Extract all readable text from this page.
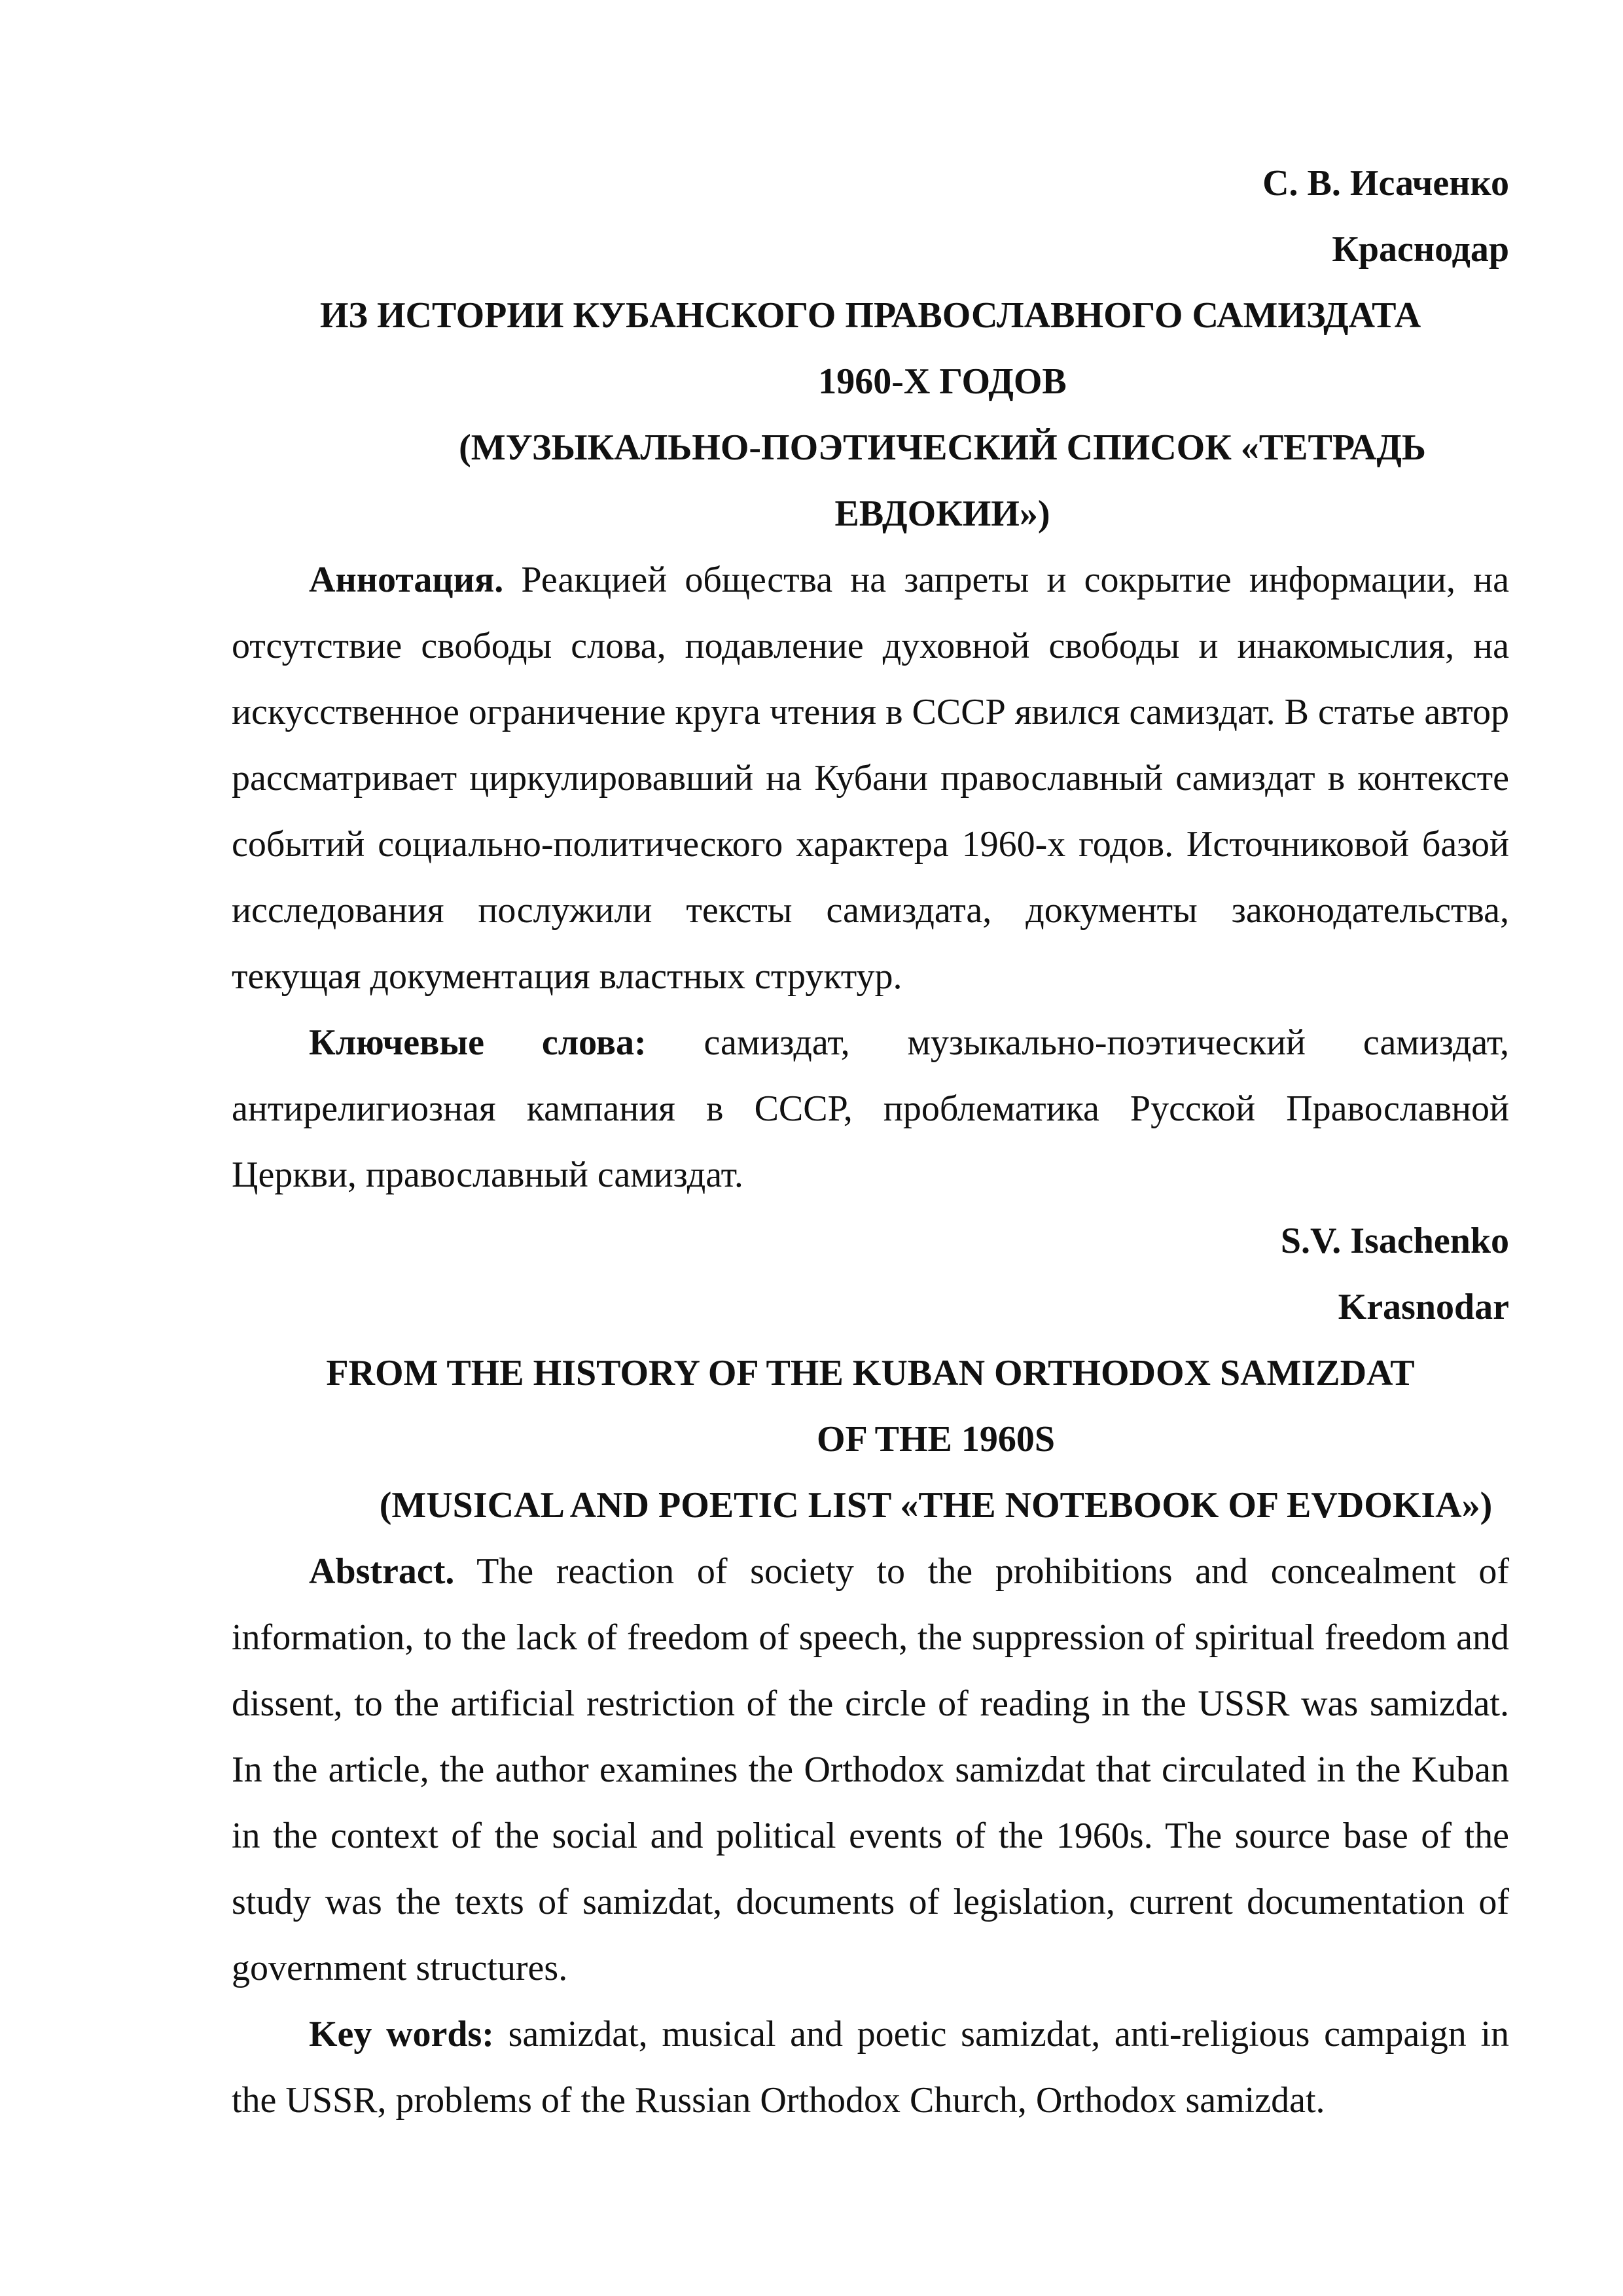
С. В. Исаченко
Краснодар
ИЗ ИСТОРИИ КУБАНСКОГО ПРАВОСЛАВНОГО САМИЗДАТА
1960-Х ГОДОВ
(МУЗЫКАЛЬНО-ПОЭТИЧЕСКИЙ СПИСОК «ТЕТРАДЬ
ЕВДОКИИ»)

Аннотация. Реакцией общества на запреты и сокрытие информации, на отсутствие свободы слова, подавление духовной свободы и инакомыслия, на искусственное ограничение круга чтения в СССР явился самиздат. В статье автор рассматривает циркулировавший на Кубани православный самиздат в контексте событий социально-политического характера 1960-х годов. Источниковой базой исследования послужили тексты самиздата, документы законодательства, текущая документация властных структур.

Ключевые слова: самиздат, музыкально-поэтический самиздат, антирелигиозная кампания в СССР, проблематика Русской Православной Церкви, православный самиздат.

S.V. Isachenko
Krasnodar
FROM THE HISTORY OF THE KUBAN ORTHODOX SAMIZDAT
OF THE 1960S
(MUSICAL AND POETIC LIST «THE NOTEBOOK OF EVDOKIA»)

Abstract. The reaction of society to the prohibitions and concealment of information, to the lack of freedom of speech, the suppression of spiritual freedom and dissent, to the artificial restriction of the circle of reading in the USSR was samizdat. In the article, the author examines the Orthodox samizdat that circulated in the Kuban in the context of the social and political events of the 1960s. The source base of the study was the texts of samizdat, documents of legislation, current documentation of government structures.

Key words: samizdat, musical and poetic samizdat, anti-religious campaign in the USSR, problems of the Russian Orthodox Church, Orthodox samizdat.
